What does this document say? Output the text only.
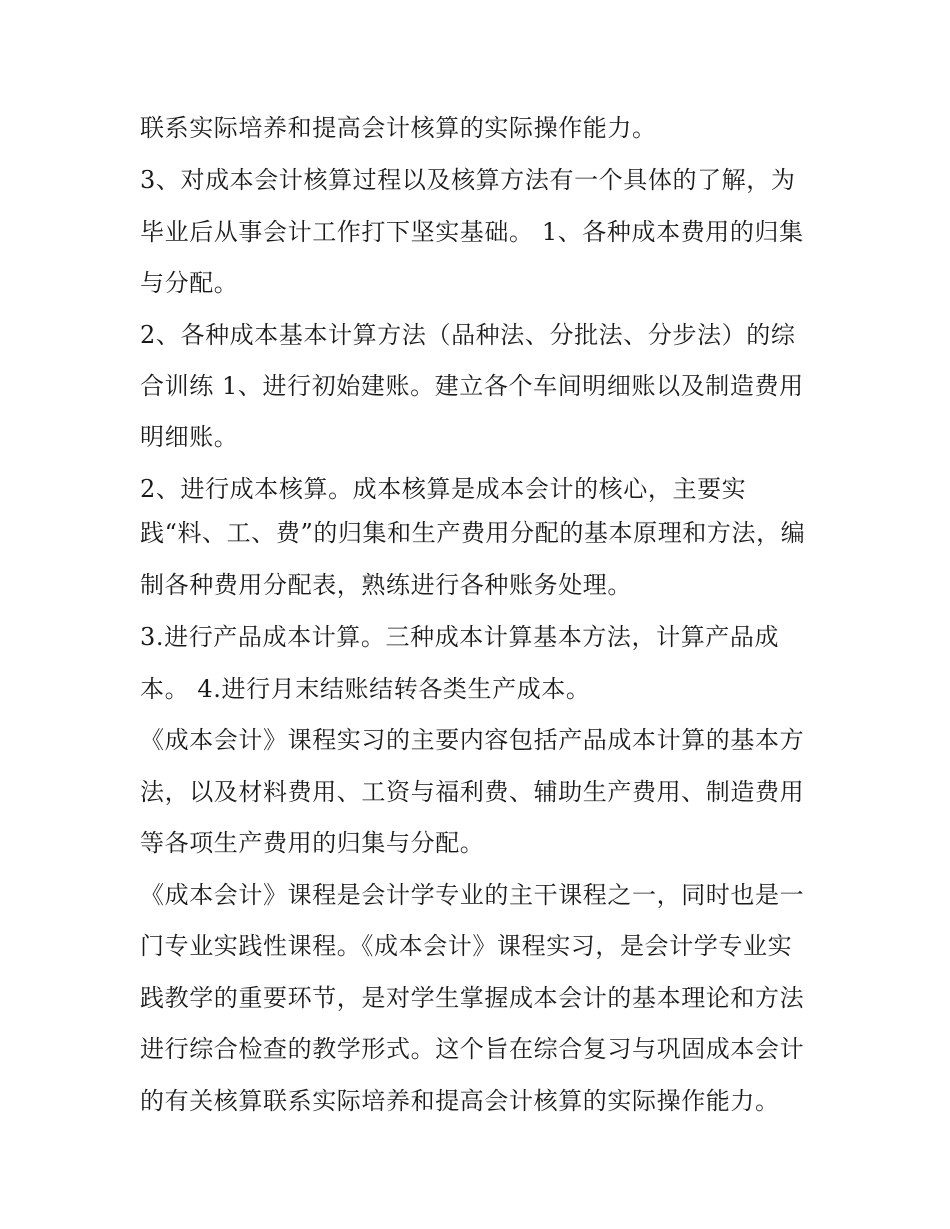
联系实际培养和提高会计核算的实际操作能力。
3、对成本会计核算过程以及核算方法有一个具体的了解，为
毕业后从事会计工作打下坚实基础。 1、各种成本费用的归集
与分配。
2、各种成本基本计算方法（品种法、分批法、分步法）的综
合训练 1、进行初始建账。建立各个车间明细账以及制造费用
明细账。
2、进行成本核算。成本核算是成本会计的核心，主要实
践“料、工、费”的归集和生产费用分配的基本原理和方法，编
制各种费用分配表，熟练进行各种账务处理。
3.进行产品成本计算。三种成本计算基本方法，计算产品成
本。 4.进行月末结账结转各类生产成本。
《成本会计》课程实习的主要内容包括产品成本计算的基本方
法，以及材料费用、工资与福利费、辅助生产费用、制造费用
等各项生产费用的归集与分配。
《成本会计》课程是会计学专业的主干课程之一，同时也是一
门专业实践性课程。《成本会计》课程实习，是会计学专业实
践教学的重要环节，是对学生掌握成本会计的基本理论和方法
进行综合检查的教学形式。这个旨在综合复习与巩固成本会计
的有关核算联系实际培养和提高会计核算的实际操作能力。
